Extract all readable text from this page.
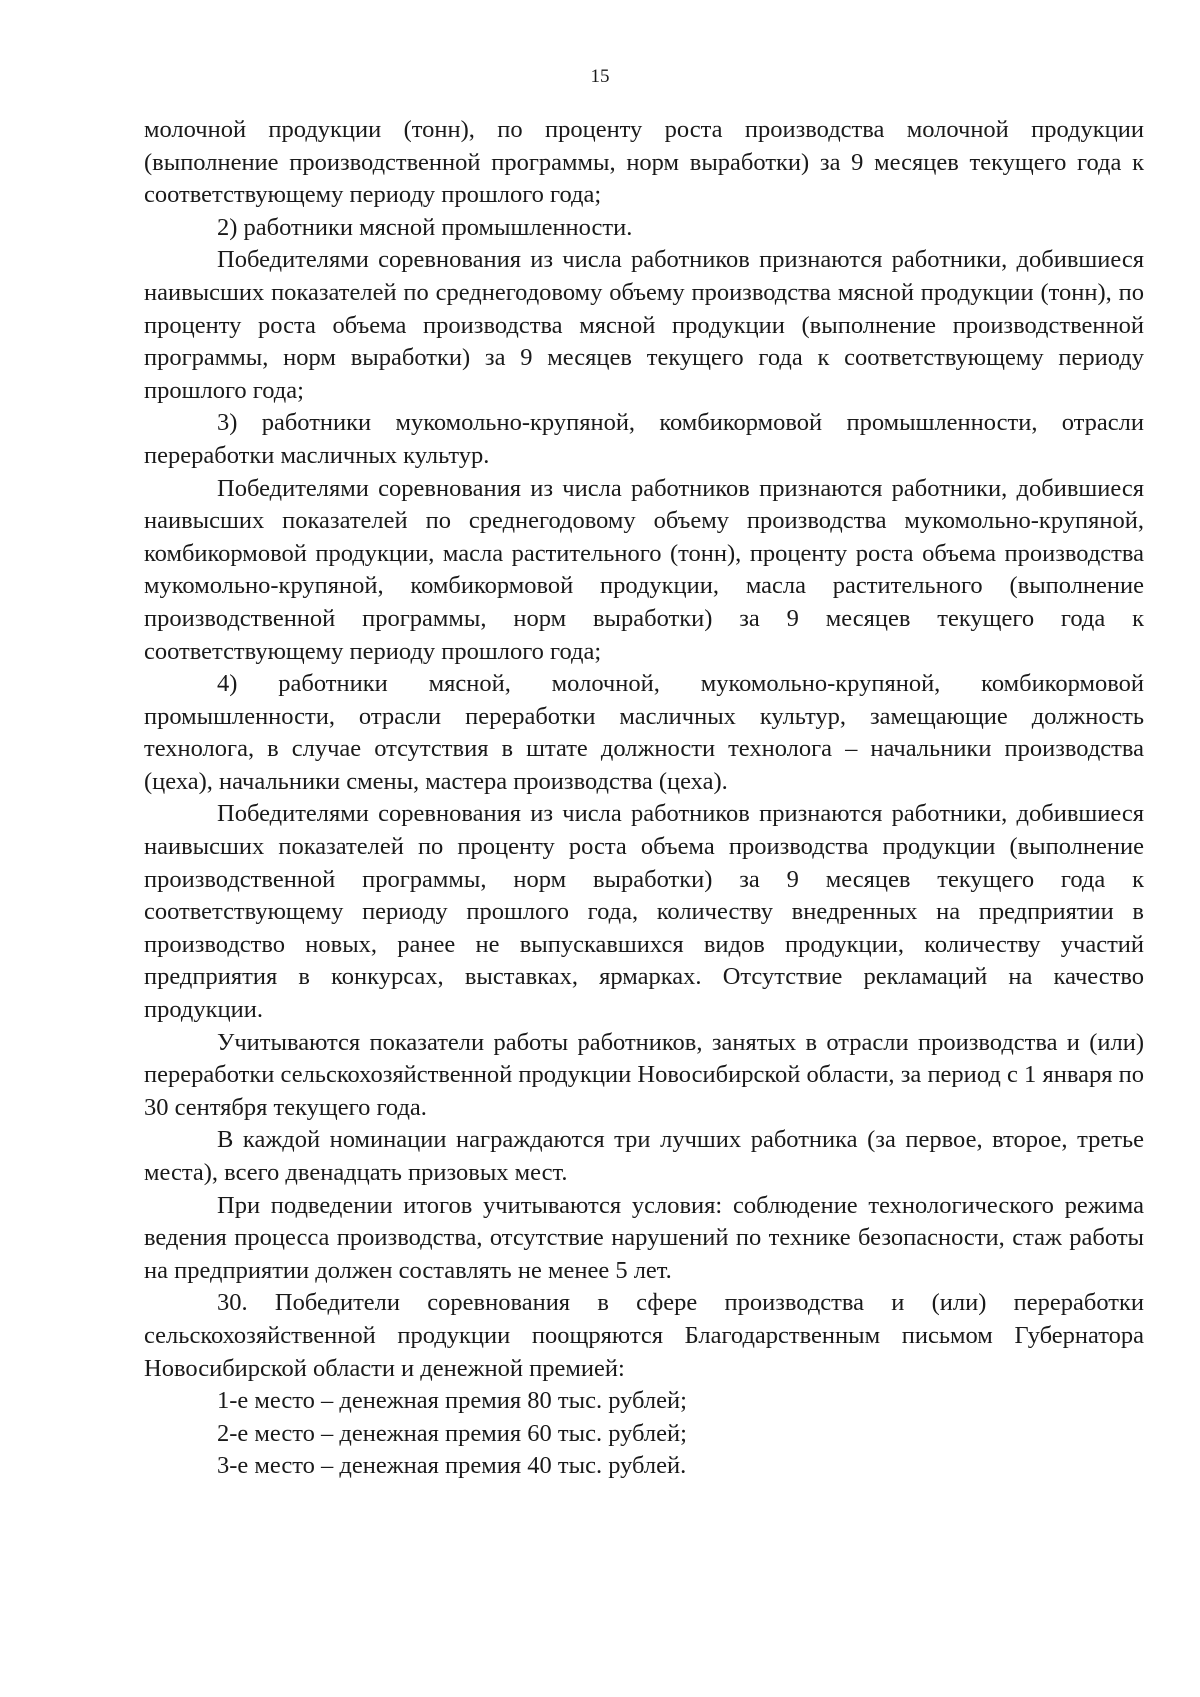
15

молочной продукции (тонн), по проценту роста производства молочной продукции (выполнение производственной программы, норм выработки) за 9 месяцев текущего года к соответствующему периоду прошлого года;

2) работники мясной промышленности.

Победителями соревнования из числа работников признаются работники, добившиеся наивысших показателей по среднегодовому объему производства мясной продукции (тонн), по проценту роста объема производства мясной продукции (выполнение производственной программы, норм выработки) за 9 месяцев текущего года к соответствующему периоду прошлого года;

3) работники мукомольно-крупяной, комбикормовой промышленности, отрасли переработки масличных культур.

Победителями соревнования из числа работников признаются работники, добившиеся наивысших показателей по среднегодовому объему производства мукомольно-крупяной, комбикормовой продукции, масла растительного (тонн), проценту роста объема производства мукомольно-крупяной, комбикормовой продукции, масла растительного (выполнение производственной программы, норм выработки) за 9 месяцев текущего года к соответствующему периоду прошлого года;

4) работники мясной, молочной, мукомольно-крупяной, комбикормовой промышленности, отрасли переработки масличных культур, замещающие должность технолога, в случае отсутствия в штате должности технолога – начальники производства (цеха), начальники смены, мастера производства (цеха).

Победителями соревнования из числа работников признаются работники, добившиеся наивысших показателей по проценту роста объема производства продукции (выполнение производственной программы, норм выработки) за 9 месяцев текущего года к соответствующему периоду прошлого года, количеству внедренных на предприятии в производство новых, ранее не выпускавшихся видов продукции, количеству участий предприятия в конкурсах, выставках, ярмарках. Отсутствие рекламаций на качество продукции.

Учитываются показатели работы работников, занятых в отрасли производства и (или) переработки сельскохозяйственной продукции Новосибирской области, за период с 1 января по 30 сентября текущего года.

В каждой номинации награждаются три лучших работника (за первое, второе, третье места), всего двенадцать призовых мест.

При подведении итогов учитываются условия: соблюдение технологического режима ведения процесса производства, отсутствие нарушений по технике безопасности, стаж работы на предприятии должен составлять не менее 5 лет.

30. Победители соревнования в сфере производства и (или) переработки сельскохозяйственной продукции поощряются Благодарственным письмом Губернатора Новосибирской области и денежной премией:

1-е место – денежная премия 80 тыс. рублей;

2-е место – денежная премия 60 тыс. рублей;

3-е место – денежная премия 40 тыс. рублей.
